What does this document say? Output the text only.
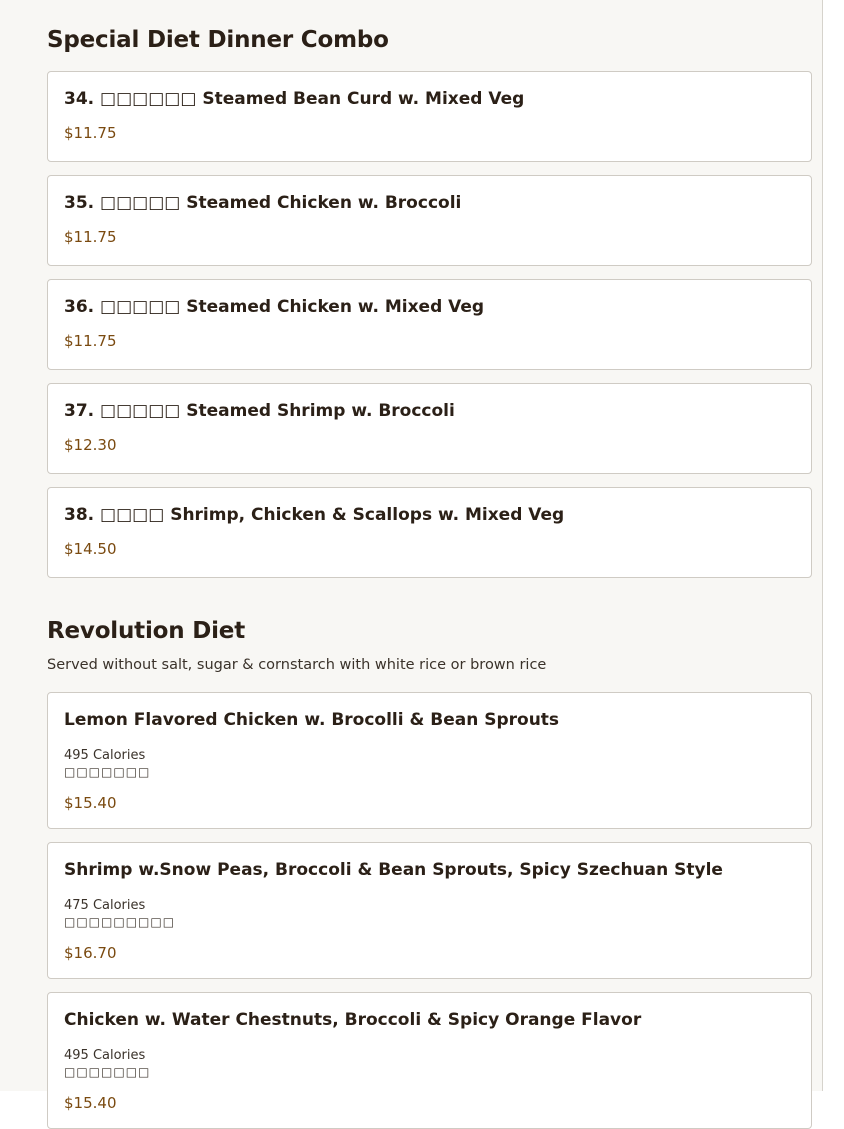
Special Diet Dinner Combo
34. □□□□□□ Steamed Bean Curd w. Mixed Veg
$11.75
35. □□□□□ Steamed Chicken w. Broccoli
$11.75
36. □□□□□ Steamed Chicken w. Mixed Veg
$11.75
37. □□□□□ Steamed Shrimp w. Broccoli
$12.30
38. □□□□ Shrimp, Chicken & Scallops w. Mixed Veg
$14.50
Revolution Diet
Served without salt, sugar & cornstarch with white rice or brown rice
Lemon Flavored Chicken w. Brocolli & Bean Sprouts
495 Calories
□□□□□□□
$15.40
Shrimp w.Snow Peas, Broccoli & Bean Sprouts, Spicy Szechuan Style
475 Calories
□□□□□□□□□
$16.70
Chicken w. Water Chestnuts, Broccoli & Spicy Orange Flavor
495 Calories
□□□□□□□
$15.40
